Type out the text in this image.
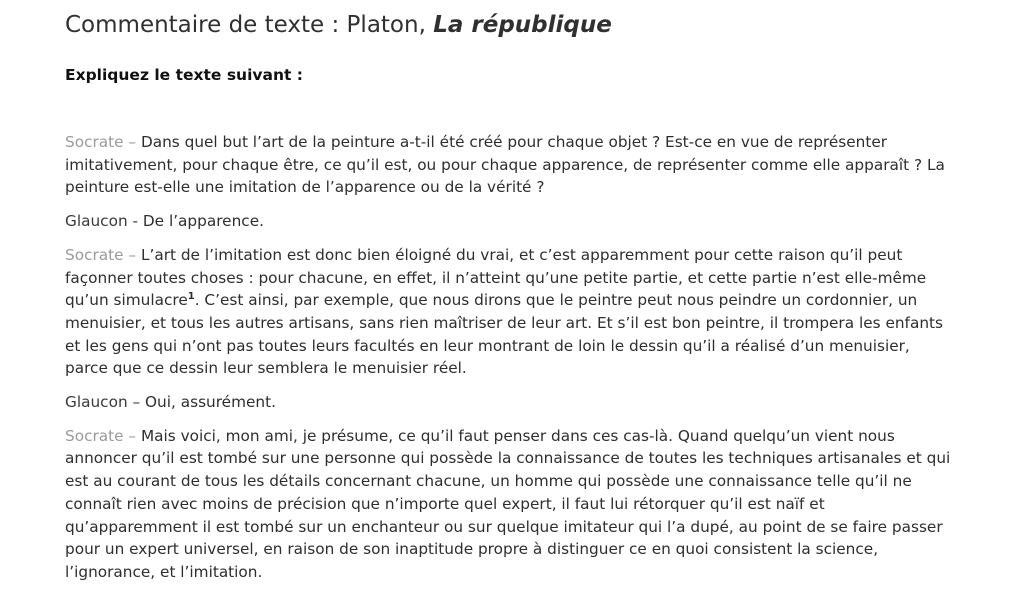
Commentaire de texte : Platon, La république

Expliquez le texte suivant :

Socrate – Dans quel but l’art de la peinture a-t-il été créé pour chaque objet ? Est-ce en vue de représenter imitativement, pour chaque être, ce qu’il est, ou pour chaque apparence, de représenter comme elle apparaît ? La peinture est-elle une imitation de l’apparence ou de la vérité ?

Glaucon - De l’apparence.

Socrate – L’art de l’imitation est donc bien éloigné du vrai, et c’est apparemment pour cette raison qu’il peut façonner toutes choses : pour chacune, en effet, il n’atteint qu’une petite partie, et cette partie n’est elle-même qu’un simulacre$^1$. C’est ainsi, par exemple, que nous dirons que le peintre peut nous peindre un cordonnier, un menuisier, et tous les autres artisans, sans rien maîtriser de leur art. Et s’il est bon peintre, il trompera les enfants et les gens qui n’ont pas toutes leurs facultés en leur montrant de loin le dessin qu’il a réalisé d’un menuisier, parce que ce dessin leur semblera le menuisier réel.

Glaucon – Oui, assurément.

Socrate – Mais voici, mon ami, je présume, ce qu’il faut penser dans ces cas-là. Quand quelqu’un vient nous annoncer qu’il est tombé sur une personne qui possède la connaissance de toutes les techniques artisanales et qui est au courant de tous les détails concernant chacune, un homme qui possède une connaissance telle qu’il ne connaît rien avec moins de précision que n’importe quel expert, il faut lui rétorquer qu’il est naïf et qu’apparemment il est tombé sur un enchanteur ou sur quelque imitateur qui l’a dupé, au point de se faire passer pour un expert universel, en raison de son inaptitude propre à distinguer ce en quoi consistent la science, l’ignorance, et l’imitation.
